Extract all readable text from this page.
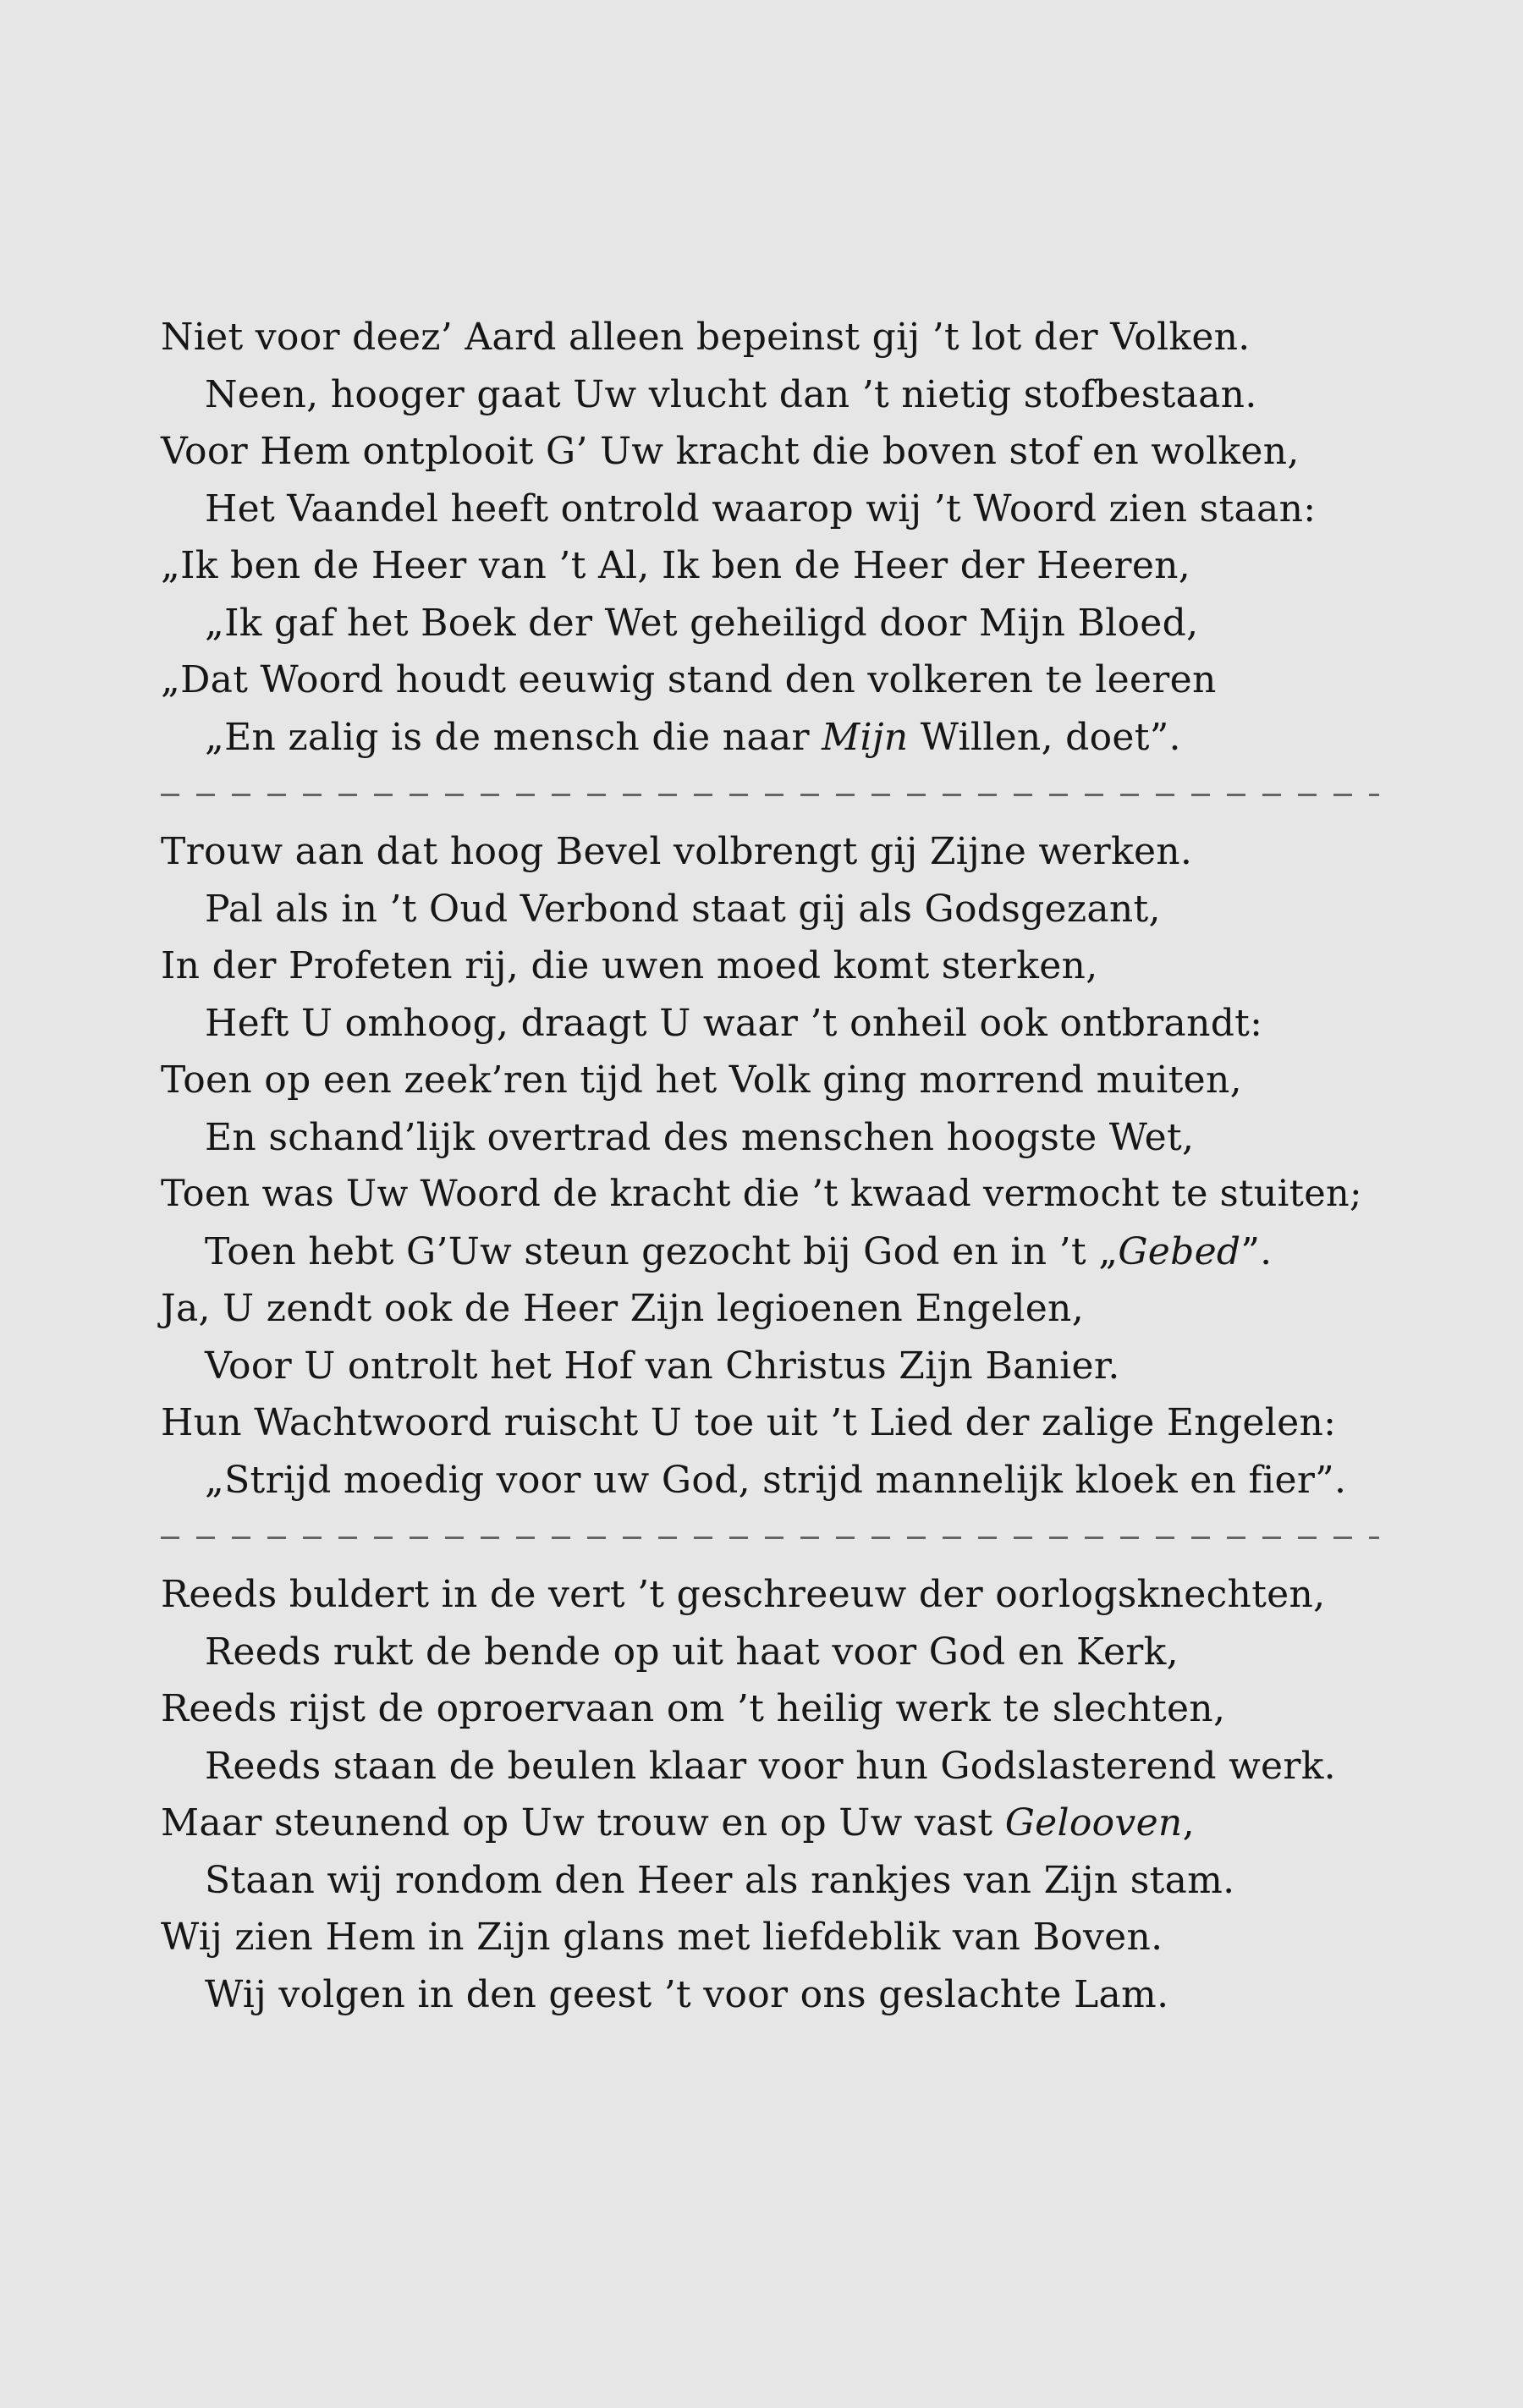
Niet voor deez’ Aard alleen bepeinst gij ’t lot der Volken.
Neen, hooger gaat Uw vlucht dan ’t nietig stofbestaan.
Voor Hem ontplooit G’ Uw kracht die boven stof en wolken,
Het Vaandel heeft ontrold waarop wij ’t Woord zien staan:
„Ik ben de Heer van ’t Al, Ik ben de Heer der Heeren,
„Ik gaf het Boek der Wet geheiligd door Mijn Bloed,
„Dat Woord houdt eeuwig stand den volkeren te leeren
„En zalig is de mensch die naar Mijn Willen, doet”.
Trouw aan dat hoog Bevel volbrengt gij Zijne werken.
Pal als in ’t Oud Verbond staat gij als Godsgezant,
In der Profeten rij, die uwen moed komt sterken,
Heft U omhoog, draagt U waar ’t onheil ook ontbrandt:
Toen op een zeek’ren tijd het Volk ging morrend muiten,
En schand’lijk overtrad des menschen hoogste Wet,
Toen was Uw Woord de kracht die ’t kwaad vermocht te stuiten;
Toen hebt G’Uw steun gezocht bij God en in ’t „Gebed”.
Ja, U zendt ook de Heer Zijn legioenen Engelen,
Voor U ontrolt het Hof van Christus Zijn Banier.
Hun Wachtwoord ruischt U toe uit ’t Lied der zalige Engelen:
„Strijd moedig voor uw God, strijd mannelijk kloek en fier”.
Reeds buldert in de vert ’t geschreeuw der oorlogsknechten,
Reeds rukt de bende op uit haat voor God en Kerk,
Reeds rijst de oproervaan om ’t heilig werk te slechten,
Reeds staan de beulen klaar voor hun Godslasterend werk.
Maar steunend op Uw trouw en op Uw vast Gelooven,
Staan wij rondom den Heer als rankjes van Zijn stam.
Wij zien Hem in Zijn glans met liefdeblik van Boven.
Wij volgen in den geest ’t voor ons geslachte Lam.
